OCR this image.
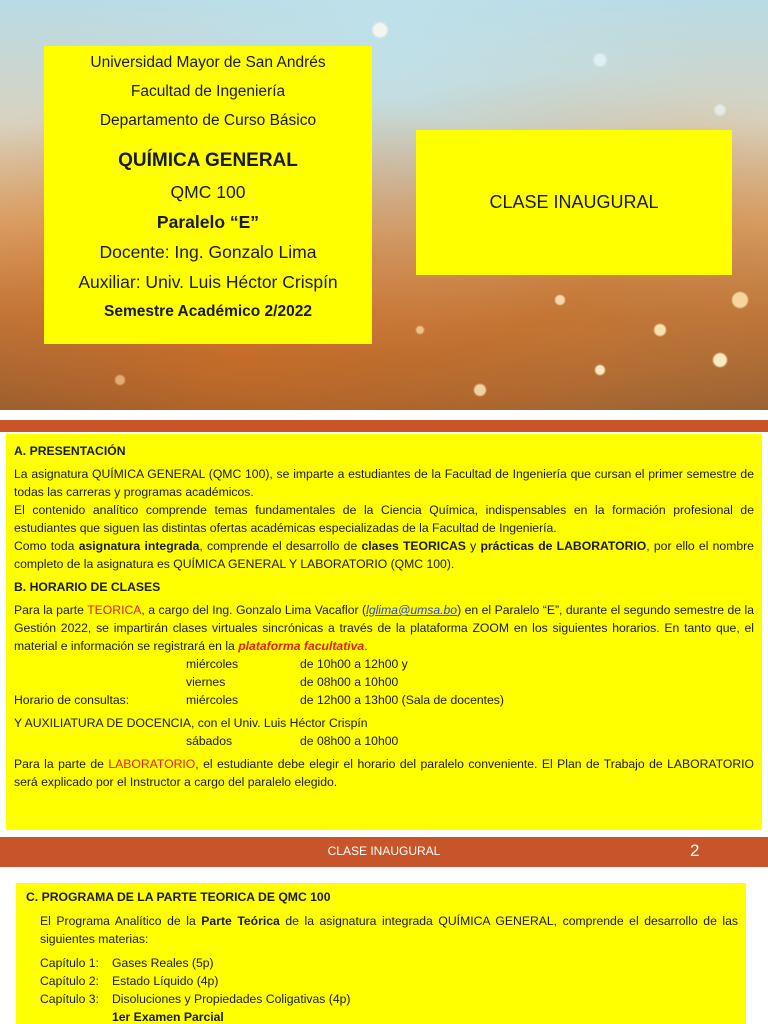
Universidad Mayor de San Andrés
Facultad de Ingeniería
Departamento de Curso Básico
QUÍMICA GENERAL
QMC 100
Paralelo “E”
Docente: Ing. Gonzalo Lima
Auxiliar: Univ. Luis Héctor Crispín
Semestre Académico 2/2022
CLASE INAUGURAL
A. PRESENTACIÓN

La asignatura QUÍMICA GENERAL (QMC 100), se imparte a estudiantes de la Facultad de Ingeniería que cursan el primer semestre de todas las carreras y programas académicos.

El contenido analítico comprende temas fundamentales de la Ciencia Química, indispensables en la formación profesional de estudiantes que siguen las distintas ofertas académicas especializadas de la Facultad de Ingeniería.

Como toda asignatura integrada, comprende el desarrollo de clases TEORICAS y prácticas de LABORATORIO, por ello el nombre completo de la asignatura es QUÍMICA GENERAL Y LABORATORIO (QMC 100).

B. HORARIO DE CLASES

Para la parte TEORICA, a cargo del Ing. Gonzalo Lima Vacaflor (lglima@umsa.bo) en el Paralelo “E”, durante el segundo semestre de la Gestión 2022, se impartirán clases virtuales sincrónicas a través de la plataforma ZOOM en los siguientes horarios. En tanto que, el material e información se registrará en la plataforma facultativa.

miércoles	de 10h00 a 12h00 y
viernes	de 08h00 a 10h00
Horario de consultas:	miércoles	de 12h00 a 13h00 (Sala de docentes)

Y AUXILIATURA DE DOCENCIA, con el Univ. Luis Héctor Crispín

sábados	de 08h00 a 10h00

Para la parte de LABORATORIO, el estudiante debe elegir el horario del paralelo conveniente. El Plan de Trabajo de LABORATORIO será explicado por el Instructor a cargo del paralelo elegido.

CLASE INAUGURAL	2
C. PROGRAMA DE LA PARTE TEORICA DE QMC 100

El Programa Analítico de la Parte Teórica de la asignatura integrada QUÍMICA GENERAL, comprende el desarrollo de las siguientes materias:

Capítulo 1:	Gases Reales (5p)
Capítulo 2:	Estado Líquido (4p)
Capítulo 3:	Disoluciones y Propiedades Coligativas (4p)
1er Examen Parcial
